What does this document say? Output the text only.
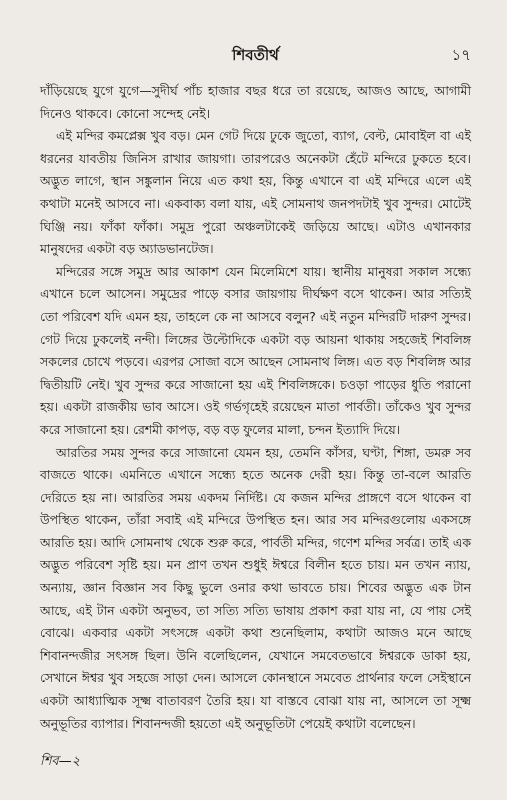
শিবতীর্থ	১৭

দাঁড়িয়েছে যুগে যুগে—সুদীর্ঘ পাঁচ হাজার বছর ধরে তা রয়েছে, আজও আছে, আগামী দিনেও থাকবে। কোনো সন্দেহ নেই।

এই মন্দির কমপ্লেক্স খুব বড়। মেন গেট দিয়ে ঢুকে জুতো, ব্যাগ, বেল্ট, মোবাইল বা এই ধরনের যাবতীয় জিনিস রাখার জায়গা। তারপরেও অনেকটা হেঁটে মন্দিরে ঢুকতে হবে। অদ্ভুত লাগে, স্থান সঙ্কুলান নিয়ে এত কথা হয়, কিন্তু এখানে বা এই মন্দিরে এলে এই কথাটা মনেই আসবে না। একবাক্য বলা যায়, এই সোমনাথ জনপদটাই খুব সুন্দর। মোটেই ঘিঞ্জি নয়। ফাঁকা ফাঁকা। সমুদ্র পুরো অঞ্চলটাকেই জড়িয়ে আছে। এটাও এখানকার মানুষদের একটা বড় অ্যাডভানটেজ।

মন্দিরের সঙ্গে সমুদ্র আর আকাশ যেন মিলেমিশে যায়। স্থানীয় মানুষরা সকাল সন্ধ্যে এখানে চলে আসেন। সমুদ্রের পাড়ে বসার জায়গায় দীর্ঘক্ষণ বসে থাকেন। আর সত্যিই তো পরিবেশ যদি এমন হয়, তাহলে কে না আসবে বলুন? এই নতুন মন্দিরটি দারুণ সুন্দর। গেট দিয়ে ঢুকলেই নন্দী। লিঙ্গের উল্টোদিকে একটা বড় আয়না থাকায় সহজেই শিবলিঙ্গ সকলের চোখে পড়বে। এরপর সোজা বসে আছেন সোমনাথ লিঙ্গ। এত বড় শিবলিঙ্গ আর দ্বিতীয়টি নেই। খুব সুন্দর করে সাজানো হয় এই শিবলিঙ্গকে। চওড়া পাড়ের ধুতি পরানো হয়। একটা রাজকীয় ভাব আসে। ওই গর্ভগৃহেই রয়েছেন মাতা পার্বতী। তাঁকেও খুব সুন্দর করে সাজানো হয়। রেশমী কাপড়, বড় বড় ফুলের মালা, চন্দন ইত্যাদি দিয়ে।

আরতির সময় সুন্দর করে সাজানো যেমন হয়, তেমনি কাঁসর, ঘণ্টা, শিঙ্গা, ডমরু সব বাজতে থাকে। এমনিতে এখানে সন্ধ্যে হতে অনেক দেরী হয়। কিন্তু তা-বলে আরতি দেরিতে হয় না। আরতির সময় একদম নির্দিষ্ট। যে কজন মন্দির প্রাঙ্গণে বসে থাকেন বা উপস্থিত থাকেন, তাঁরা সবাই এই মন্দিরে উপস্থিত হন। আর সব মন্দিরগুলোয় একসঙ্গে আরতি হয়। আদি সোমনাথ থেকে শুরু করে, পার্বতী মন্দির, গণেশ মন্দির সর্বত্র। তাই এক অদ্ভুত পরিবেশ সৃষ্টি হয়। মন প্রাণ তখন শুধুই ঈশ্বরে বিলীন হতে চায়। মন তখন ন্যায়, অন্যায়, জ্ঞান বিজ্ঞান সব কিছু ভুলে ওনার কথা ভাবতে চায়। শিবের অদ্ভুত এক টান আছে, এই টান একটা অনুভব, তা সত্যি সত্যি ভাষায় প্রকাশ করা যায় না, যে পায় সেই বোঝে। একবার একটা সৎসঙ্গে একটা কথা শুনেছিলাম, কথাটা আজও মনে আছে শিবানন্দজীর সৎসঙ্গ ছিল। উনি বলেছিলেন, যেখানে সমবেতভাবে ঈশ্বরকে ডাকা হয়, সেখানে ঈশ্বর খুব সহজে সাড়া দেন। আসলে কোনস্থানে সমবেত প্রার্থনার ফলে সেইস্থানে একটা আধ্যাত্মিক সূক্ষ্ম বাতাবরণ তৈরি হয়। যা বাস্তবে বোঝা যায় না, আসলে তা সূক্ষ্ম অনুভূতির ব্যাপার। শিবানন্দজী হয়তো এই অনুভূতিটা পেয়েই কথাটা বলেছেন।

শিব—২
